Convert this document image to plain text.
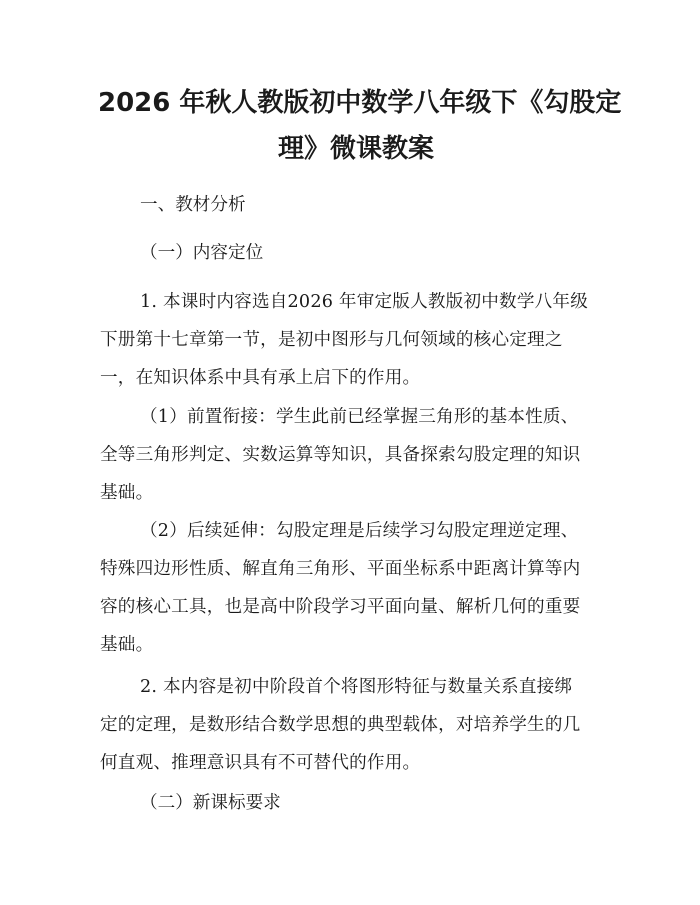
2026 年秋人教版初中数学八年级下《勾股定
理》微课教案
一、教材分析
（一）内容定位
1. 本课时内容选自2026 年审定版人教版初中数学八年级
下册第十七章第一节，是初中图形与几何领域的核心定理之
一，在知识体系中具有承上启下的作用。
（1）前置衔接：学生此前已经掌握三角形的基本性质、
全等三角形判定、实数运算等知识，具备探索勾股定理的知识
基础。
（2）后续延伸：勾股定理是后续学习勾股定理逆定理、
特殊四边形性质、解直角三角形、平面坐标系中距离计算等内
容的核心工具，也是高中阶段学习平面向量、解析几何的重要
基础。
2. 本内容是初中阶段首个将图形特征与数量关系直接绑
定的定理，是数形结合数学思想的典型载体，对培养学生的几
何直观、推理意识具有不可替代的作用。
（二）新课标要求
